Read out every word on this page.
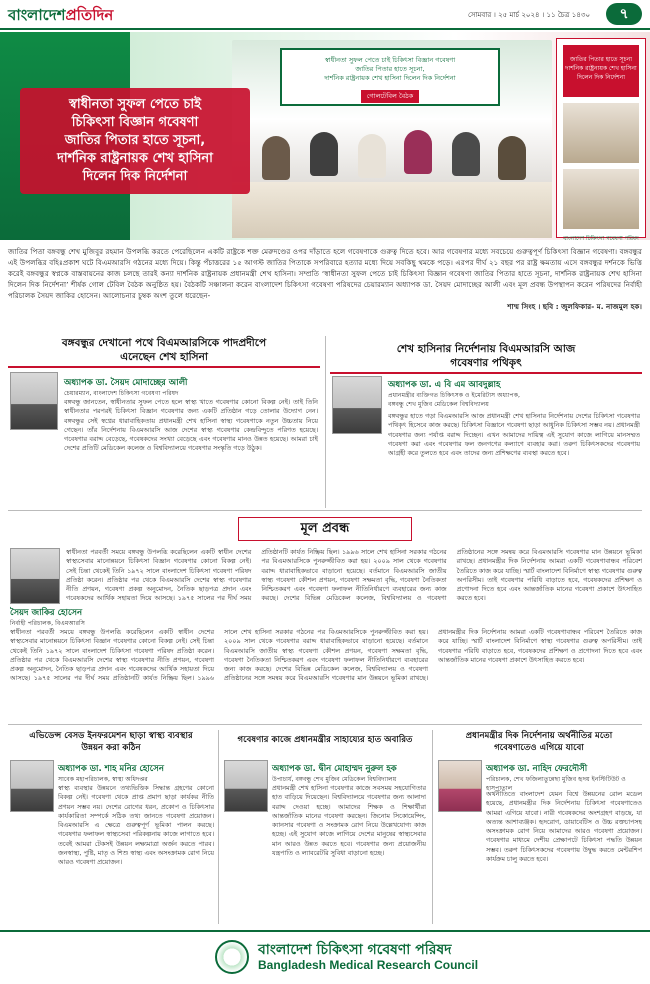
বাংলাদেশপ্রতিদিন	সোমবার । ২৫ মার্চ ২০২৪ । ১১ চৈত্র ১৪৩০	৭
স্বাধীনতা সুফল পেতে চাই চিকিৎসা বিজ্ঞান গবেষণা
জাতির পিতার হাতে সূচনা,
দার্শনিক রাষ্ট্রনায়ক শেখ হাসিনা দিলেন দিক নির্দেশনা
গোলটেবিল বৈঠক
স্বাধীনতা সুফল পেতে চাই
চিকিৎসা বিজ্ঞান গবেষণা
জাতির পিতার হাতে সূচনা,
দার্শনিক রাষ্ট্রনায়ক শেখ হাসিনা
দিলেন দিক নির্দেশনা
জাতির পিতার হাতে সূচনা দার্শনিক রাষ্ট্রনায়ক শেখ হাসিনা দিলেন দিক নির্দেশনা
বাংলাদেশ চিকিৎসা গবেষণা পরিষদ
জাতির পিতা বঙ্গবন্ধু শেখ মুজিবুর রহমান উপলব্ধি করতে পেরেছিলেন একটি রাষ্ট্রকে শক্ত মেরুদণ্ডের ওপর দাঁড়াতে হলে গবেষণাকে গুরুত্ব দিতে হবে। আর গবেষণার মধ্যে সবচেয়ে গুরুত্বপূর্ণ চিকিৎসা বিজ্ঞান গবেষণা। বঙ্গবন্ধুর এই উপলব্ধির বহিঃপ্রকাশ ঘটে বিএমআরসি গঠনের মধ্যে দিয়ে। কিন্তু পঁচাত্তরের ১৫ আগস্ট জাতির পিতাকে সপরিবারে হত্যার মধ্যে দিয়ে সবকিছু থমকে পড়ে। এরপর দীর্ঘ ২১ বছর পর রাষ্ট্র ক্ষমতায় এসে বঙ্গবন্ধুর দর্শনকে ভিত্তি করেই বঙ্গবন্ধুর স্বপ্নকে বাস্তবায়নের কাজ চলছে তারই কন্যা দার্শনিক রাষ্ট্রনায়ক প্রধানমন্ত্রী শেখ হাসিনা। সম্প্রতি ‘স্বাধীনতা সুফল পেতে চাই চিকিৎসা বিজ্ঞান গবেষণা জাতির পিতার হাতে সূচনা, দার্শনিক রাষ্ট্রনায়ক শেখ হাসিনা দিলেন দিক নির্দেশনা’ শীর্ষক গোল টেবিল বৈঠক অনুষ্ঠিত হয়। বৈঠকটি সঞ্চালনা করেন বাংলাদেশ চিকিৎসা গবেষণা পরিষদের চেয়ারম্যান অধ্যাপক ডা. সৈয়দ মোদাচ্ছের আলী এবং মূল প্রবন্ধ উপস্থাপন করেন পরিষদের নির্বাহী পরিচালক সৈয়দ জাকির হোসেন। আলোচনার চুম্বক অংশ তুলে ধরেছেন-
শাম্ম সিংহ । ছবি : জুলফিকার- ম. নাজমুল হক।
বঙ্গবন্ধুর দেখানো পথে বিএমআরসিকে পাদপ্রদীপে
এনেছেন শেখ হাসিনা
অধ্যাপক ডা. সৈয়দ মোদাচ্ছের আলী
চেয়ারম্যান, বাংলাদেশ চিকিৎসা গবেষণা পরিষদ

বঙ্গবন্ধু জানতেন, স্বাধীনতার সুফল পেতে হলে স্বাস্থ্য খাতে গবেষণার কোনো বিকল্প নেই। তাই তিনি স্বাধীনতার পরপরই চিকিৎসা বিজ্ঞান গবেষণার জন্য একটি প্রতিষ্ঠান গড়ে তোলার উদ্যোগ নেন। বঙ্গবন্ধুর সেই স্বপ্নের ধারাবাহিকতায় প্রধানমন্ত্রী শেখ হাসিনা স্বাস্থ্য গবেষণাকে নতুন উচ্চতায় নিয়ে গেছেন। তাঁর নির্দেশনায় বিএমআরসি আজ দেশের স্বাস্থ্য গবেষণার কেন্দ্রবিন্দুতে পরিণত হয়েছে। গবেষণার বরাদ্দ বেড়েছে, গবেষকদের সংখ্যা বেড়েছে এবং গবেষণার মানও উন্নত হয়েছে। আমরা চাই দেশের প্রতিটি মেডিকেল কলেজ ও বিশ্ববিদ্যালয়ে গবেষণার সংস্কৃতি গড়ে উঠুক।

শেখ হাসিনার নির্দেশনায় বিএমআরসি আজ
গবেষণার পথিকৃৎ
অধ্যাপক ডা. এ বি এম আবদুল্লাহ
প্রধানমন্ত্রীর ব্যক্তিগত চিকিৎসক ও ইমেরিটাস অধ্যাপক, বঙ্গবন্ধু শেখ মুজিব মেডিকেল বিশ্ববিদ্যালয়

বঙ্গবন্ধুর হাতে গড়া বিএমআরসি আজ প্রধানমন্ত্রী শেখ হাসিনার নির্দেশনায় দেশের চিকিৎসা গবেষণার পথিকৃৎ হিসেবে কাজ করছে। চিকিৎসা বিজ্ঞানে গবেষণা ছাড়া আধুনিক চিকিৎসা সম্ভব নয়। প্রধানমন্ত্রী গবেষণার জন্য পর্যাপ্ত বরাদ্দ দিচ্ছেন। এখন আমাদের দায়িত্ব এই সুযোগ কাজে লাগিয়ে মানসম্মত গবেষণা করা এবং গবেষণার ফল জনগণের কল্যাণে ব্যবহার করা। তরুণ চিকিৎসকদের গবেষণায় আগ্রহী করে তুলতে হবে এবং তাদের জন্য প্রশিক্ষণের ব্যবস্থা করতে হবে।

মূল প্রবন্ধ
সৈয়দ জাকির হোসেন
নির্বাহী পরিচালক, বিএমআরসি

স্বাধীনতা পরবর্তী সময়ে বঙ্গবন্ধু উপলব্ধি করেছিলেন একটি স্বাধীন দেশের স্বাস্থ্যসেবার মানোন্নয়নে চিকিৎসা বিজ্ঞান গবেষণার কোনো বিকল্প নেই। সেই চিন্তা থেকেই তিনি ১৯৭২ সালে বাংলাদেশ চিকিৎসা গবেষণা পরিষদ প্রতিষ্ঠা করেন। প্রতিষ্ঠার পর থেকে বিএমআরসি দেশের স্বাস্থ্য গবেষণার নীতি প্রণয়ন, গবেষণা প্রকল্প অনুমোদন, নৈতিক ছাড়পত্র প্রদান এবং গবেষকদের আর্থিক সহায়তা দিয়ে আসছে। ১৯৭৫ সালের পর দীর্ঘ সময় প্রতিষ্ঠানটি কার্যত নিষ্ক্রিয় ছিল। ১৯৯৬ সালে শেখ হাসিনা সরকার গঠনের পর বিএমআরসিকে পুনরুজ্জীবিত করা হয়। ২০০৯ সাল থেকে গবেষণার বরাদ্দ ধারাবাহিকভাবে বাড়ানো হয়েছে। বর্তমানে বিএমআরসি জাতীয় স্বাস্থ্য গবেষণা কৌশল প্রণয়ন, গবেষণা সক্ষমতা বৃদ্ধি, গবেষণা নৈতিকতা নিশ্চিতকরণ এবং গবেষণা ফলাফল নীতিনির্ধারণে ব্যবহারের জন্য কাজ করছে। দেশের বিভিন্ন মেডিকেল কলেজ, বিশ্ববিদ্যালয় ও গবেষণা প্রতিষ্ঠানের সঙ্গে সমন্বয় করে বিএমআরসি গবেষণার মান উন্নয়নে ভূমিকা রাখছে। প্রধানমন্ত্রীর দিক নির্দেশনায় আমরা একটি গবেষণাবান্ধব পরিবেশ তৈরিতে কাজ করে যাচ্ছি। স্মার্ট বাংলাদেশ বিনির্মাণে স্বাস্থ্য গবেষণার গুরুত্ব অপরিসীম। তাই গবেষণার পরিধি বাড়াতে হবে, গবেষকদের প্রশিক্ষণ ও প্রণোদনা দিতে হবে এবং আন্তর্জাতিক মানের গবেষণা প্রকাশে উৎসাহিত করতে হবে।

স্বাধীনতা পরবর্তী সময়ে বঙ্গবন্ধু উপলব্ধি করেছিলেন একটি স্বাধীন দেশের স্বাস্থ্যসেবার মানোন্নয়নে চিকিৎসা বিজ্ঞান গবেষণার কোনো বিকল্প নেই। সেই চিন্তা থেকেই তিনি ১৯৭২ সালে বাংলাদেশ চিকিৎসা গবেষণা পরিষদ প্রতিষ্ঠা করেন। প্রতিষ্ঠার পর থেকে বিএমআরসি দেশের স্বাস্থ্য গবেষণার নীতি প্রণয়ন, গবেষণা প্রকল্প অনুমোদন, নৈতিক ছাড়পত্র প্রদান এবং গবেষকদের আর্থিক সহায়তা দিয়ে আসছে। ১৯৭৫ সালের পর দীর্ঘ সময় প্রতিষ্ঠানটি কার্যত নিষ্ক্রিয় ছিল। ১৯৯৬ সালে শেখ হাসিনা সরকার গঠনের পর বিএমআরসিকে পুনরুজ্জীবিত করা হয়। ২০০৯ সাল থেকে গবেষণার বরাদ্দ ধারাবাহিকভাবে বাড়ানো হয়েছে। বর্তমানে বিএমআরসি জাতীয় স্বাস্থ্য গবেষণা কৌশল প্রণয়ন, গবেষণা সক্ষমতা বৃদ্ধি, গবেষণা নৈতিকতা নিশ্চিতকরণ এবং গবেষণা ফলাফল নীতিনির্ধারণে ব্যবহারের জন্য কাজ করছে। দেশের বিভিন্ন মেডিকেল কলেজ, বিশ্ববিদ্যালয় ও গবেষণা প্রতিষ্ঠানের সঙ্গে সমন্বয় করে বিএমআরসি গবেষণার মান উন্নয়নে ভূমিকা রাখছে। প্রধানমন্ত্রীর দিক নির্দেশনায় আমরা একটি গবেষণাবান্ধব পরিবেশ তৈরিতে কাজ করে যাচ্ছি। স্মার্ট বাংলাদেশ বিনির্মাণে স্বাস্থ্য গবেষণার গুরুত্ব অপরিসীম। তাই গবেষণার পরিধি বাড়াতে হবে, গবেষকদের প্রশিক্ষণ ও প্রণোদনা দিতে হবে এবং আন্তর্জাতিক মানের গবেষণা প্রকাশে উৎসাহিত করতে হবে।

এভিডেন্স বেসড ইনফরমেশন ছাড়া স্বাস্থ্য ব্যবস্থার
উন্নয়ন করা কঠিন
অধ্যাপক ডা. শাহ মনির হোসেন
সাবেক মহাপরিচালক, স্বাস্থ্য অধিদপ্তর

স্বাস্থ্য ব্যবস্থার উন্নয়নে তথ্যভিত্তিক সিদ্ধান্ত গ্রহণের কোনো বিকল্প নেই। গবেষণা থেকে প্রাপ্ত প্রমাণ ছাড়া কার্যকর নীতি প্রণয়ন সম্ভব নয়। দেশের রোগের ধরন, প্রকোপ ও চিকিৎসার কার্যকারিতা সম্পর্কে সঠিক তথ্য জানতে গবেষণা প্রয়োজন। বিএমআরসি এ ক্ষেত্রে গুরুত্বপূর্ণ ভূমিকা পালন করছে। গবেষণার ফলাফল স্বাস্থ্যসেবা পরিকল্পনায় কাজে লাগাতে হবে। তবেই আমরা টেকসই উন্নয়ন লক্ষ্যমাত্রা অর্জন করতে পারব। জনস্বাস্থ্য, পুষ্টি, মাতৃ ও শিশু স্বাস্থ্য এবং অসংক্রামক রোগ নিয়ে আরও গবেষণা প্রয়োজন।

গবেষণার কাজে প্রধানমন্ত্রীর সাহায্যের হাত অবারিত
অধ্যাপক ডা. দ্বীন মোহাম্মদ নুরুল হক
উপাচার্য, বঙ্গবন্ধু শেখ মুজিব মেডিকেল বিশ্ববিদ্যালয়

প্রধানমন্ত্রী শেখ হাসিনা গবেষণার কাজে সবসময় সহযোগিতার হাত বাড়িয়ে দিয়েছেন। বিশ্ববিদ্যালয়ে গবেষণার জন্য আলাদা বরাদ্দ দেওয়া হচ্ছে। আমাদের শিক্ষক ও শিক্ষার্থীরা আন্তর্জাতিক মানের গবেষণা করছেন। জিনোম সিকোয়েন্সিং, ক্যানসার গবেষণা ও সংক্রামক রোগ নিয়ে উল্লেখযোগ্য কাজ হচ্ছে। এই সুযোগ কাজে লাগিয়ে দেশের মানুষের স্বাস্থ্যসেবার মান আরও উন্নত করতে হবে। গবেষণার জন্য প্রয়োজনীয় যন্ত্রপাতি ও ল্যাবরেটরি সুবিধা বাড়ানো হচ্ছে।

প্রধানমন্ত্রীর দিক নির্দেশনায় অর্থনীতির মতো
গবেষণাতেও এগিয়ে যাবো
অধ্যাপক ডা. নাহিদ ফেরদৌসী
পরিচালক, শেখ ফজিলাতুন্নেছা মুজিব হৃদয় ইনস্টিটিউট ও হাসপাতাল

অর্থনীতিতে বাংলাদেশ যেমন বিশ্বে উন্নয়নের রোল মডেল হয়েছে, প্রধানমন্ত্রীর দিক নির্দেশনায় চিকিৎসা গবেষণাতেও আমরা এগিয়ে যাবো। নারী গবেষকদের অংশগ্রহণ বাড়ছে, যা অত্যন্ত আশাব্যঞ্জক। হৃদরোগ, ডায়াবেটিস ও উচ্চ রক্তচাপসহ অসংক্রামক রোগ নিয়ে আমাদের আরও গবেষণা প্রয়োজন। গবেষণার মাধ্যমে দেশীয় প্রেক্ষাপটে চিকিৎসা পদ্ধতি উন্নয়ন সম্ভব। তরুণ চিকিৎসকদের গবেষণায় উদ্বুদ্ধ করতে মেন্টরশিপ কার্যক্রম চালু করতে হবে।

বাংলাদেশ চিকিৎসা গবেষণা পরিষদ
Bangladesh Medical Research Council
